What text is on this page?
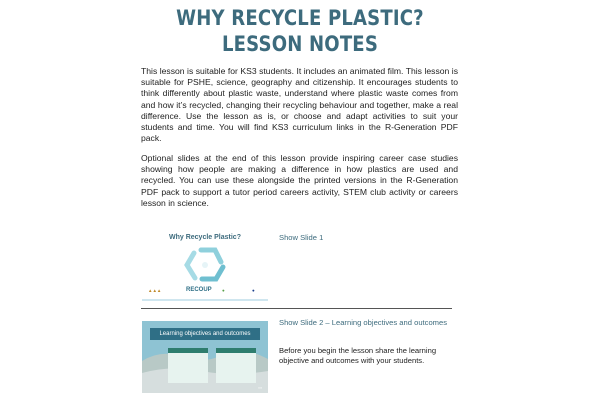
WHY RECYCLE PLASTIC?
LESSON NOTES
This lesson is suitable for KS3 students. It includes an animated film. This lesson is suitable for PSHE, science, geography and citizenship. It encourages students to think differently about plastic waste, understand where plastic waste comes from and how it’s recycled, changing their recycling behaviour and together, make a real difference. Use the lesson as is, or choose and adapt activities to suit your students and time. You will find KS3 curriculum links in the R-Generation PDF pack.
Optional slides at the end of this lesson provide inspiring career case studies showing how people are making a difference in how plastics are used and recycled. You can use these alongside the printed versions in the R-Generation PDF pack to support a tutor period careers activity, STEM club activity or careers lesson in science.
Why Recycle Plastic?
▲▲▲	RECOUP ●	●
Show Slide 1
Learning objectives and outcomes
▪▪▪
Show Slide 2 – Learning objectives and outcomes
Before you begin the lesson share the learning objective and outcomes with your students.
